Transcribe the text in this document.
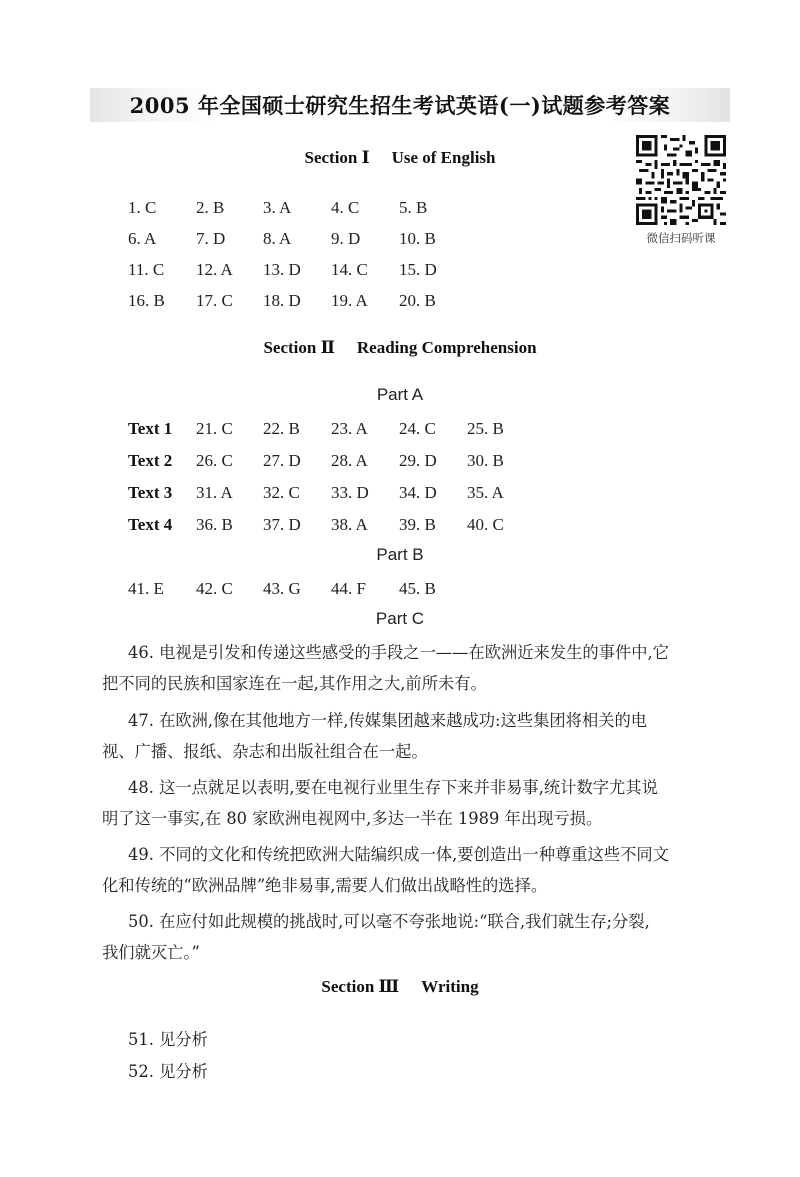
2005 年全国硕士研究生招生考试英语(一)试题参考答案
微信扫码听课
Section Ⅰ Use of English
1. C 2. B 3. A 4. C 5. B
6. A 7. D 8. A 9. D 10. B
11. C 12. A 13. D 14. C 15. D
16. B 17. C 18. D 19. A 20. B
Section Ⅱ Reading Comprehension
Part A
Text 1 21. C 22. B 23. A 24. C 25. B
Text 2 26. C 27. D 28. A 29. D 30. B
Text 3 31. A 32. C 33. D 34. D 35. A
Text 4 36. B 37. D 38. A 39. B 40. C
Part B
41. E 42. C 43. G 44. F 45. B
Part C
46. 电视是引发和传递这些感受的手段之一——在欧洲近来发生的事件中,它
把不同的民族和国家连在一起,其作用之大,前所未有。
47. 在欧洲,像在其他地方一样,传媒集团越来越成功:这些集团将相关的电
视、广播、报纸、杂志和出版社组合在一起。
48. 这一点就足以表明,要在电视行业里生存下来并非易事,统计数字尤其说
明了这一事实,在 80 家欧洲电视网中,多达一半在 1989 年出现亏损。
49. 不同的文化和传统把欧洲大陆编织成一体,要创造出一种尊重这些不同文
化和传统的“欧洲品牌”绝非易事,需要人们做出战略性的选择。
50. 在应付如此规模的挑战时,可以毫不夸张地说:“联合,我们就生存;分裂,
我们就灭亡。”
Section Ⅲ Writing
51. 见分析
52. 见分析
